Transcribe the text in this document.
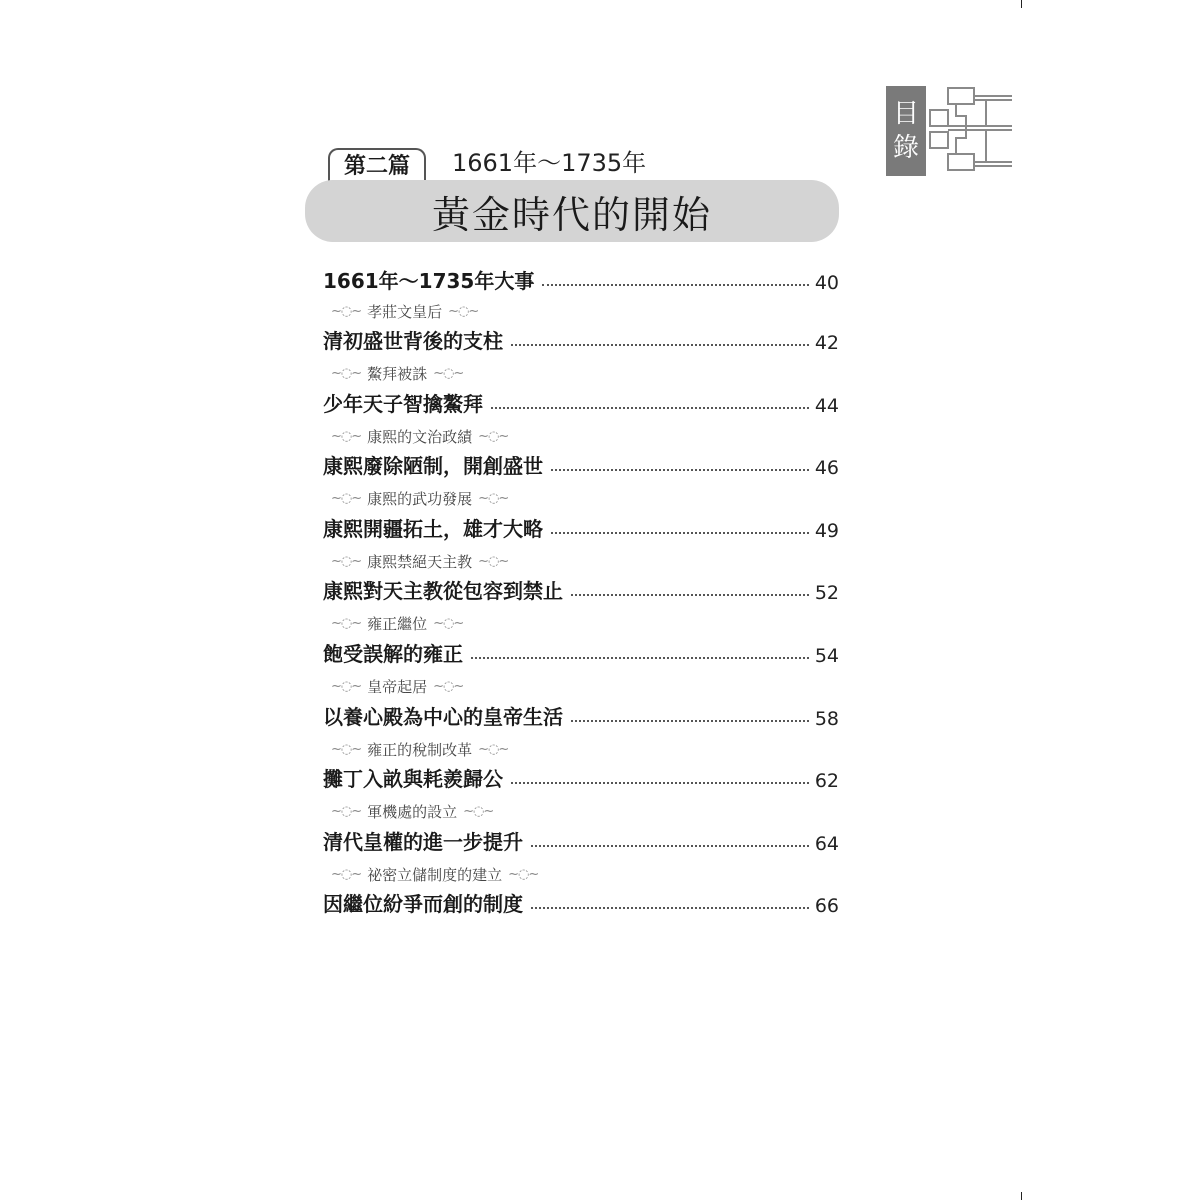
目
錄
第二篇	1661年～1735年
黃金時代的開始
1661年～1735年大事	40
~◌~ 孝莊文皇后 ~◌~
清初盛世背後的支柱	42
~◌~ 鰲拜被誅 ~◌~
少年天子智擒鰲拜	44
~◌~ 康熙的文治政績 ~◌~
康熙廢除陋制，開創盛世	46
~◌~ 康熙的武功發展 ~◌~
康熙開疆拓土，雄才大略	49
~◌~ 康熙禁絕天主教 ~◌~
康熙對天主教從包容到禁止	52
~◌~ 雍正繼位 ~◌~
飽受誤解的雍正	54
~◌~ 皇帝起居 ~◌~
以養心殿為中心的皇帝生活	58
~◌~ 雍正的稅制改革 ~◌~
攤丁入畝與耗羨歸公	62
~◌~ 軍機處的設立 ~◌~
清代皇權的進一步提升	64
~◌~ 祕密立儲制度的建立 ~◌~
因繼位紛爭而創的制度	66
